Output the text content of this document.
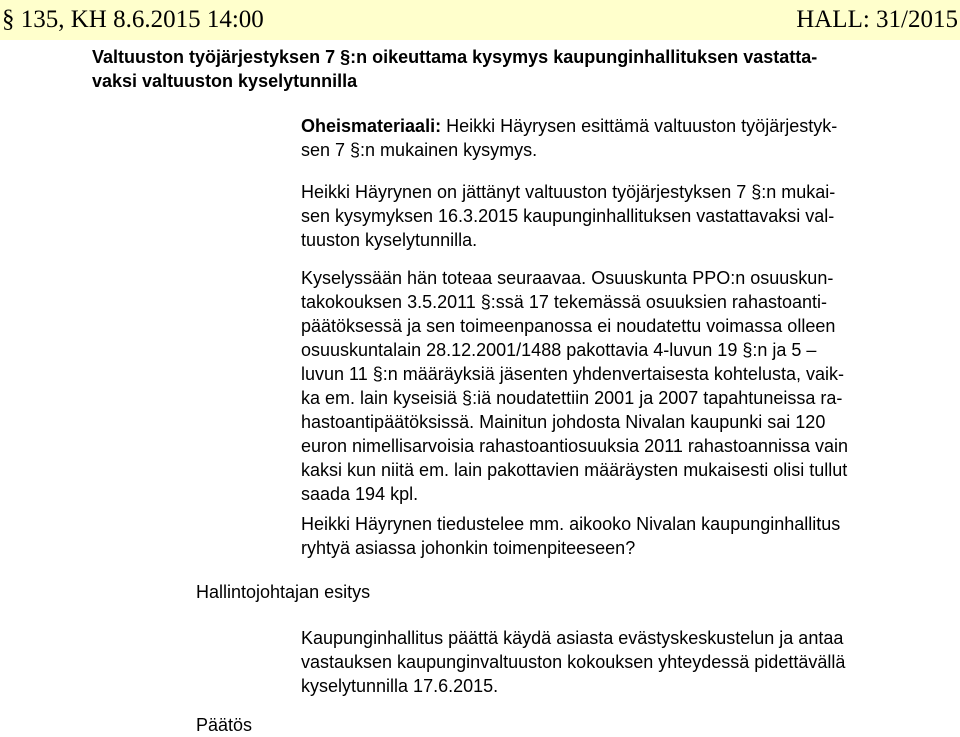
§ 135, KH 8.6.2015 14:00	HALL: 31/2015
Valtuuston työjärjestyksen 7 §:n oikeuttama kysymys kaupunginhallituksen vastatta-
vaksi valtuuston kyselytunnilla
Oheismateriaali: Heikki Häyrysen esittämä valtuuston työjärjestyk-
sen 7 §:n mukainen kysymys.
Heikki Häyrynen on jättänyt valtuuston työjärjestyksen 7 §:n mukai-
sen kysymyksen 16.3.2015 kaupunginhallituksen vastattavaksi val-
tuuston kyselytunnilla.
Kyselyssään hän toteaa seuraavaa. Osuuskunta PPO:n osuuskun-
takokouksen 3.5.2011 §:ssä 17 tekemässä osuuksien rahastoanti-
päätöksessä ja sen toimeenpanossa ei noudatettu voimassa olleen
osuuskuntalain 28.12.2001/1488 pakottavia 4-luvun 19 §:n ja 5 –
luvun 11 §:n määräyksiä jäsenten yhdenvertaisesta kohtelusta, vaik-
ka em. lain kyseisiä §:iä noudatettiin 2001 ja 2007 tapahtuneissa ra-
hastoantipäätöksissä. Mainitun johdosta Nivalan kaupunki sai 120
euron nimellisarvoisia rahastoantiosuuksia 2011 rahastoannissa vain
kaksi kun niitä em. lain pakottavien määräysten mukaisesti olisi tullut
saada 194 kpl.
Heikki Häyrynen tiedustelee mm. aikooko Nivalan kaupunginhallitus
ryhtyä asiassa johonkin toimenpiteeseen?
Hallintojohtajan esitys
Kaupunginhallitus päättä käydä asiasta evästyskeskustelun ja antaa
vastauksen kaupunginvaltuuston kokouksen yhteydessä pidettävällä
kyselytunnilla 17.6.2015.
Päätös
